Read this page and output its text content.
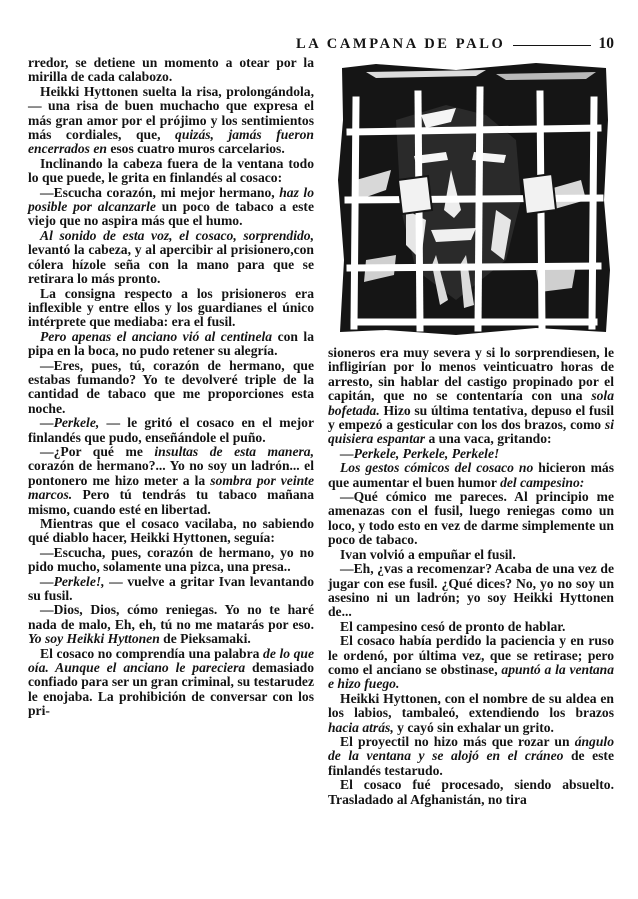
LA CAMPANA DE PALO	10

rredor, se detiene un momento a otear por la mirilla de cada calabozo.

Heikki Hyttonen suelta la risa, prolongándola, — una risa de buen muchacho que expresa el más gran amor por el prójimo y los sentimientos más cordiales, que, quizás, jamás fueron encerrados en esos cuatro muros carcelarios.

Inclinando la cabeza fuera de la ventana todo lo que puede, le grita en finlandés al cosaco:

—Escucha corazón, mi mejor hermano, haz lo posible por alcanzarle un poco de tabaco a este viejo que no aspira más que el humo.

Al sonido de esta voz, el cosaco, sorprendido, levantó la cabeza, y al apercibir al prisionero,con cólera hízole seña con la mano para que se retirara lo más pronto.

La consigna respecto a los prisioneros era inflexible y entre ellos y los guardianes el único intérprete que mediaba: era el fusil.

Pero apenas el anciano vió al centinela con la pipa en la boca, no pudo retener su alegría.

—Eres, pues, tú, corazón de hermano, que estabas fumando? Yo te devolveré triple de la cantidad de tabaco que me proporciones esta noche.

—Perkele, — le gritó el cosaco en el mejor finlandés que pudo, enseñándole el puño.

—¿Por qué me insultas de esta manera, corazón de hermano?... Yo no soy un ladrón... el pontonero me hizo meter a la sombra por veinte marcos. Pero tú tendrás tu tabaco mañana mismo, cuando esté en libertad.

Mientras que el cosaco vacilaba, no sabiendo qué diablo hacer, Heikki Hyttonen, seguía:

—Escucha, pues, corazón de hermano, yo no pido mucho, solamente una pizca, una presa..

—Perkele!, — vuelve a gritar Ivan levantando su fusil.

—Dios, Dios, cómo reniegas. Yo no te haré nada de malo, Eh, eh, tú no me matarás por eso. Yo soy Heikki Hyttonen de Pieksamaki.

El cosaco no comprendía una palabra de lo que oía. Aunque el anciano le pareciera demasiado confiado para ser un gran criminal, su testarudez le enojaba. La prohibición de conversar con los pri-

sioneros era muy severa y si lo sorprendiesen, le infligirían por lo menos veinticuatro horas de arresto, sin hablar del castigo propinado por el capitán, que no se contentaría con una sola bofetada. Hizo su última tentativa, depuso el fusil y empezó a gesticular con los dos brazos, como si quisiera espantar a una vaca, gritando:

—Perkele, Perkele, Perkele!

Los gestos cómicos del cosaco no hicieron más que aumentar el buen humor del campesino:

—Qué cómico me pareces. Al principio me amenazas con el fusil, luego reniegas como un loco, y todo esto en vez de darme simplemente un poco de tabaco.

Ivan volvió a empuñar el fusil.

—Eh, ¿vas a recomenzar? Acaba de una vez de jugar con ese fusil. ¿Qué dices? No, yo no soy un asesino ni un ladrón; yo soy Heikki Hyttonen de...

El campesino cesó de pronto de hablar.

El cosaco había perdido la paciencia y en ruso le ordenó, por última vez, que se retirase; pero como el anciano se obstinase, apuntó a la ventana e hizo fuego.

Heikki Hyttonen, con el nombre de su aldea en los labios, tambaleó, extendiendo los brazos hacia atrás, y cayó sin exhalar un grito.

El proyectil no hizo más que rozar un ángulo de la ventana y se alojó en el cráneo de este finlandés testarudo.

El cosaco fué procesado, siendo absuelto. Trasladado al Afghanistán, no tira
